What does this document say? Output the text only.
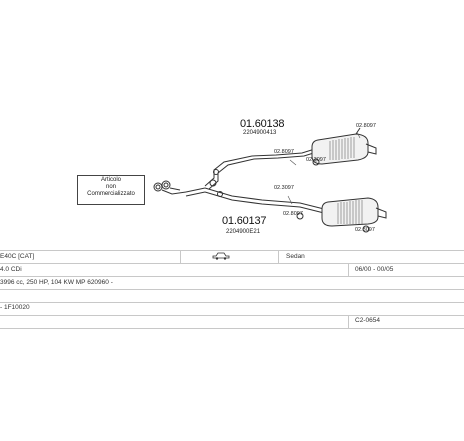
01.60138
2204900413
01.60137
2204900E21
02.8097
02.8097
02.3097
02.3097
02.8097
02.8097
Articolo
non
Commercializzato
E40C [CAT]	Sedan
4.0 CDi	06/00 - 00/05
3996 cc, 250 HP, 104 KW MP 620960 -
- 1F10020
C2-0654
